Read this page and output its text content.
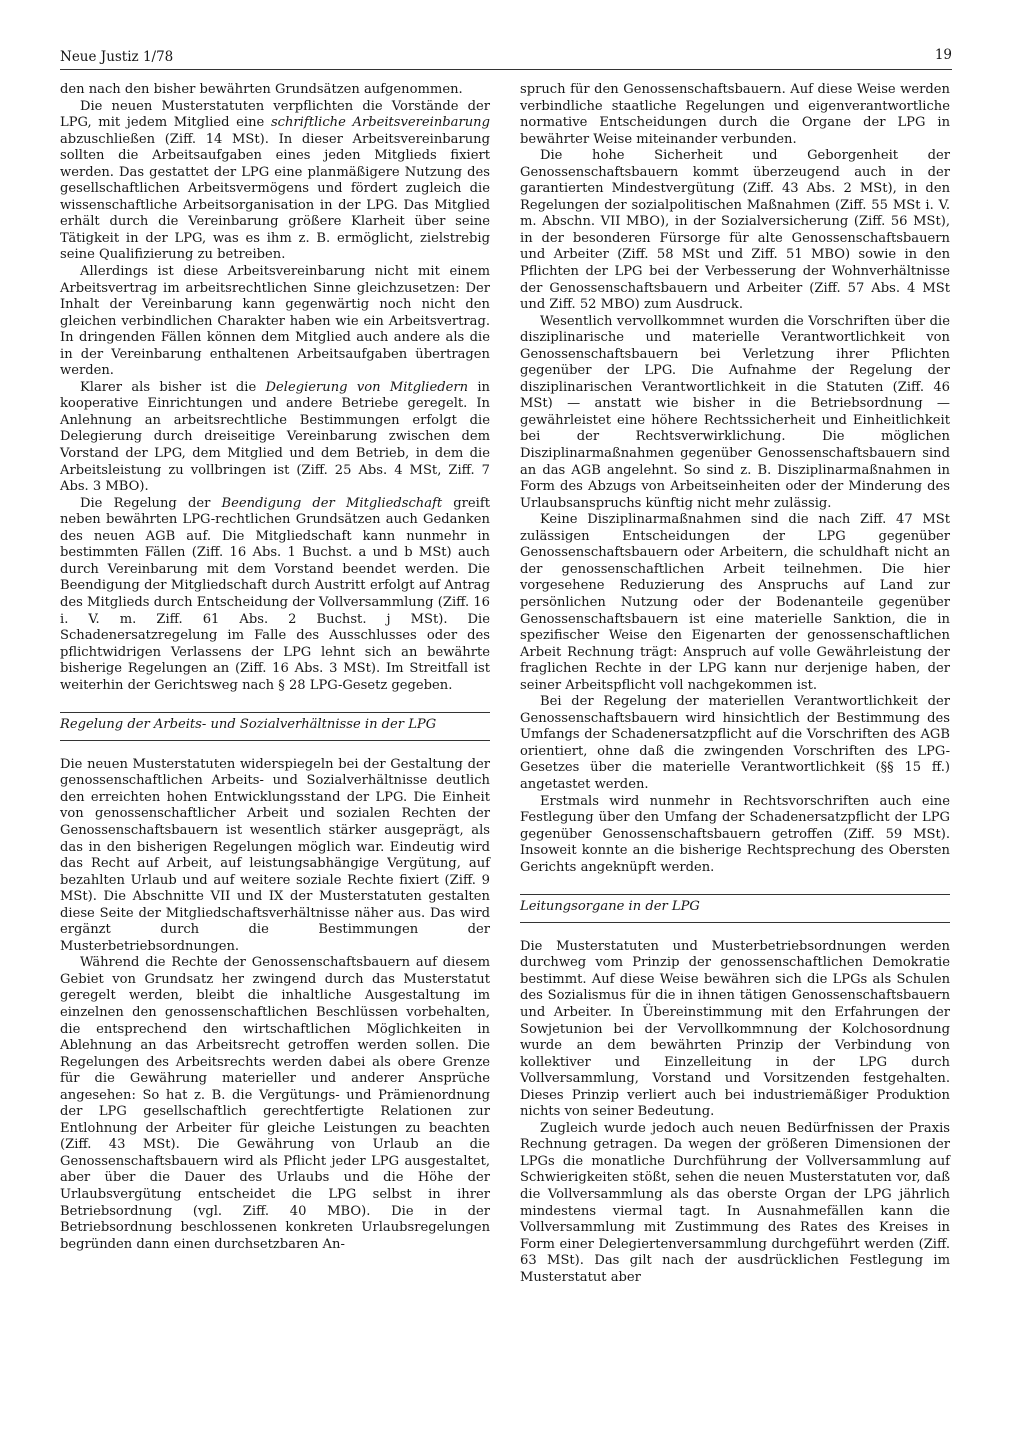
Neue Justiz 1/78	19

den nach den bisher bewährten Grundsätzen aufgenommen.

Die neuen Musterstatuten verpflichten die Vorstände der LPG, mit jedem Mitglied eine schriftliche Arbeitsvereinbarung abzuschließen (Ziff. 14 MSt). In dieser Arbeitsvereinbarung sollten die Arbeitsaufgaben eines jeden Mitglieds fixiert werden. Das gestattet der LPG eine planmäßigere Nutzung des gesellschaftlichen Arbeitsvermögens und fördert zugleich die wissenschaftliche Arbeitsorganisation in der LPG. Das Mitglied erhält durch die Vereinbarung größere Klarheit über seine Tätigkeit in der LPG, was es ihm z. B. ermöglicht, zielstrebig seine Qualifizierung zu betreiben.

Allerdings ist diese Arbeitsvereinbarung nicht mit einem Arbeitsvertrag im arbeitsrechtlichen Sinne gleichzusetzen: Der Inhalt der Vereinbarung kann gegenwärtig noch nicht den gleichen verbindlichen Charakter haben wie ein Arbeitsvertrag. In dringenden Fällen können dem Mitglied auch andere als die in der Vereinbarung enthaltenen Arbeitsaufgaben übertragen werden.

Klarer als bisher ist die Delegierung von Mitgliedern in kooperative Einrichtungen und andere Betriebe geregelt. In Anlehnung an arbeitsrechtliche Bestimmungen erfolgt die Delegierung durch dreiseitige Vereinbarung zwischen dem Vorstand der LPG, dem Mitglied und dem Betrieb, in dem die Arbeitsleistung zu vollbringen ist (Ziff. 25 Abs. 4 MSt, Ziff. 7 Abs. 3 MBO).

Die Regelung der Beendigung der Mitgliedschaft greift neben bewährten LPG-rechtlichen Grundsätzen auch Gedanken des neuen AGB auf. Die Mitgliedschaft kann nunmehr in bestimmten Fällen (Ziff. 16 Abs. 1 Buchst. a und b MSt) auch durch Vereinbarung mit dem Vorstand beendet werden. Die Beendigung der Mitgliedschaft durch Austritt erfolgt auf Antrag des Mitglieds durch Entscheidung der Vollversammlung (Ziff. 16 i. V. m. Ziff. 61 Abs. 2 Buchst. j MSt). Die Schadenersatzregelung im Falle des Ausschlusses oder des pflichtwidrigen Verlassens der LPG lehnt sich an bewährte bisherige Regelungen an (Ziff. 16 Abs. 3 MSt). Im Streitfall ist weiterhin der Gerichtsweg nach § 28 LPG-Gesetz gegeben.

Regelung der Arbeits- und Sozialverhältnisse in der LPG

Die neuen Musterstatuten widerspiegeln bei der Gestaltung der genossenschaftlichen Arbeits- und Sozialverhältnisse deutlich den erreichten hohen Entwicklungsstand der LPG. Die Einheit von genossenschaftlicher Arbeit und sozialen Rechten der Genossenschaftsbauern ist wesentlich stärker ausgeprägt, als das in den bisherigen Regelungen möglich war. Eindeutig wird das Recht auf Arbeit, auf leistungsabhängige Vergütung, auf bezahlten Urlaub und auf weitere soziale Rechte fixiert (Ziff. 9 MSt). Die Abschnitte VII und IX der Musterstatuten gestalten diese Seite der Mitgliedschaftsverhältnisse näher aus. Das wird ergänzt durch die Bestimmungen der Musterbetriebsordnungen.

Während die Rechte der Genossenschaftsbauern auf diesem Gebiet von Grundsatz her zwingend durch das Musterstatut geregelt werden, bleibt die inhaltliche Ausgestaltung im einzelnen den genossenschaftlichen Beschlüssen vorbehalten, die entsprechend den wirtschaftlichen Möglichkeiten in Ablehnung an das Arbeitsrecht getroffen werden sollen. Die Regelungen des Arbeitsrechts werden dabei als obere Grenze für die Gewährung materieller und anderer Ansprüche angesehen: So hat z. B. die Vergütungs- und Prämienordnung der LPG gesellschaftlich gerechtfertigte Relationen zur Entlohnung der Arbeiter für gleiche Leistungen zu beachten (Ziff. 43 MSt). Die Gewährung von Urlaub an die Genossenschaftsbauern wird als Pflicht jeder LPG ausgestaltet, aber über die Dauer des Urlaubs und die Höhe der Urlaubsvergütung entscheidet die LPG selbst in ihrer Betriebsordnung (vgl. Ziff. 40 MBO). Die in der Betriebsordnung beschlossenen konkreten Urlaubsregelungen begründen dann einen durchsetzbaren An-

spruch für den Genossenschaftsbauern. Auf diese Weise werden verbindliche staatliche Regelungen und eigenverantwortliche normative Entscheidungen durch die Organe der LPG in bewährter Weise miteinander verbunden.

Die hohe Sicherheit und Geborgenheit der Genossenschaftsbauern kommt überzeugend auch in der garantierten Mindestvergütung (Ziff. 43 Abs. 2 MSt), in den Regelungen der sozialpolitischen Maßnahmen (Ziff. 55 MSt i. V. m. Abschn. VII MBO), in der Sozialversicherung (Ziff. 56 MSt), in der besonderen Fürsorge für alte Genossenschaftsbauern und Arbeiter (Ziff. 58 MSt und Ziff. 51 MBO) sowie in den Pflichten der LPG bei der Verbesserung der Wohnverhältnisse der Genossenschaftsbauern und Arbeiter (Ziff. 57 Abs. 4 MSt und Ziff. 52 MBO) zum Ausdruck.

Wesentlich vervollkommnet wurden die Vorschriften über die disziplinarische und materielle Verantwortlichkeit von Genossenschaftsbauern bei Verletzung ihrer Pflichten gegenüber der LPG. Die Aufnahme der Regelung der disziplinarischen Verantwortlichkeit in die Statuten (Ziff. 46 MSt) — anstatt wie bisher in die Betriebsordnung — gewährleistet eine höhere Rechtssicherheit und Einheitlichkeit bei der Rechtsverwirklichung. Die möglichen Disziplinarmaßnahmen gegenüber Genossenschaftsbauern sind an das AGB angelehnt. So sind z. B. Disziplinarmaßnahmen in Form des Abzugs von Arbeitseinheiten oder der Minderung des Urlaubsanspruchs künftig nicht mehr zulässig.

Keine Disziplinarmaßnahmen sind die nach Ziff. 47 MSt zulässigen Entscheidungen der LPG gegenüber Genossenschaftsbauern oder Arbeitern, die schuldhaft nicht an der genossenschaftlichen Arbeit teilnehmen. Die hier vorgesehene Reduzierung des Anspruchs auf Land zur persönlichen Nutzung oder der Bodenanteile gegenüber Genossenschaftsbauern ist eine materielle Sanktion, die in spezifischer Weise den Eigenarten der genossenschaftlichen Arbeit Rechnung trägt: Anspruch auf volle Gewährleistung der fraglichen Rechte in der LPG kann nur derjenige haben, der seiner Arbeitspflicht voll nachgekommen ist.

Bei der Regelung der materiellen Verantwortlichkeit der Genossenschaftsbauern wird hinsichtlich der Bestimmung des Umfangs der Schadenersatzpflicht auf die Vorschriften des AGB orientiert, ohne daß die zwingenden Vorschriften des LPG-Gesetzes über die materielle Verantwortlichkeit (§§ 15 ff.) angetastet werden.

Erstmals wird nunmehr in Rechtsvorschriften auch eine Festlegung über den Umfang der Schadenersatzpflicht der LPG gegenüber Genossenschaftsbauern getroffen (Ziff. 59 MSt). Insoweit konnte an die bisherige Rechtsprechung des Obersten Gerichts angeknüpft werden.

Leitungsorgane in der LPG

Die Musterstatuten und Musterbetriebsordnungen werden durchweg vom Prinzip der genossenschaftlichen Demokratie bestimmt. Auf diese Weise bewähren sich die LPGs als Schulen des Sozialismus für die in ihnen tätigen Genossenschaftsbauern und Arbeiter. In Übereinstimmung mit den Erfahrungen der Sowjetunion bei der Vervollkommnung der Kolchosordnung wurde an dem bewährten Prinzip der Verbindung von kollektiver und Einzelleitung in der LPG durch Vollversammlung, Vorstand und Vorsitzenden festgehalten. Dieses Prinzip verliert auch bei industriemäßiger Produktion nichts von seiner Bedeutung.

Zugleich wurde jedoch auch neuen Bedürfnissen der Praxis Rechnung getragen. Da wegen der größeren Dimensionen der LPGs die monatliche Durchführung der Vollversammlung auf Schwierigkeiten stößt, sehen die neuen Musterstatuten vor, daß die Vollversammlung als das oberste Organ der LPG jährlich mindestens viermal tagt. In Ausnahmefällen kann die Vollversammlung mit Zustimmung des Rates des Kreises in Form einer Delegiertenversammlung durchgeführt werden (Ziff. 63 MSt). Das gilt nach der ausdrücklichen Festlegung im Musterstatut aber
